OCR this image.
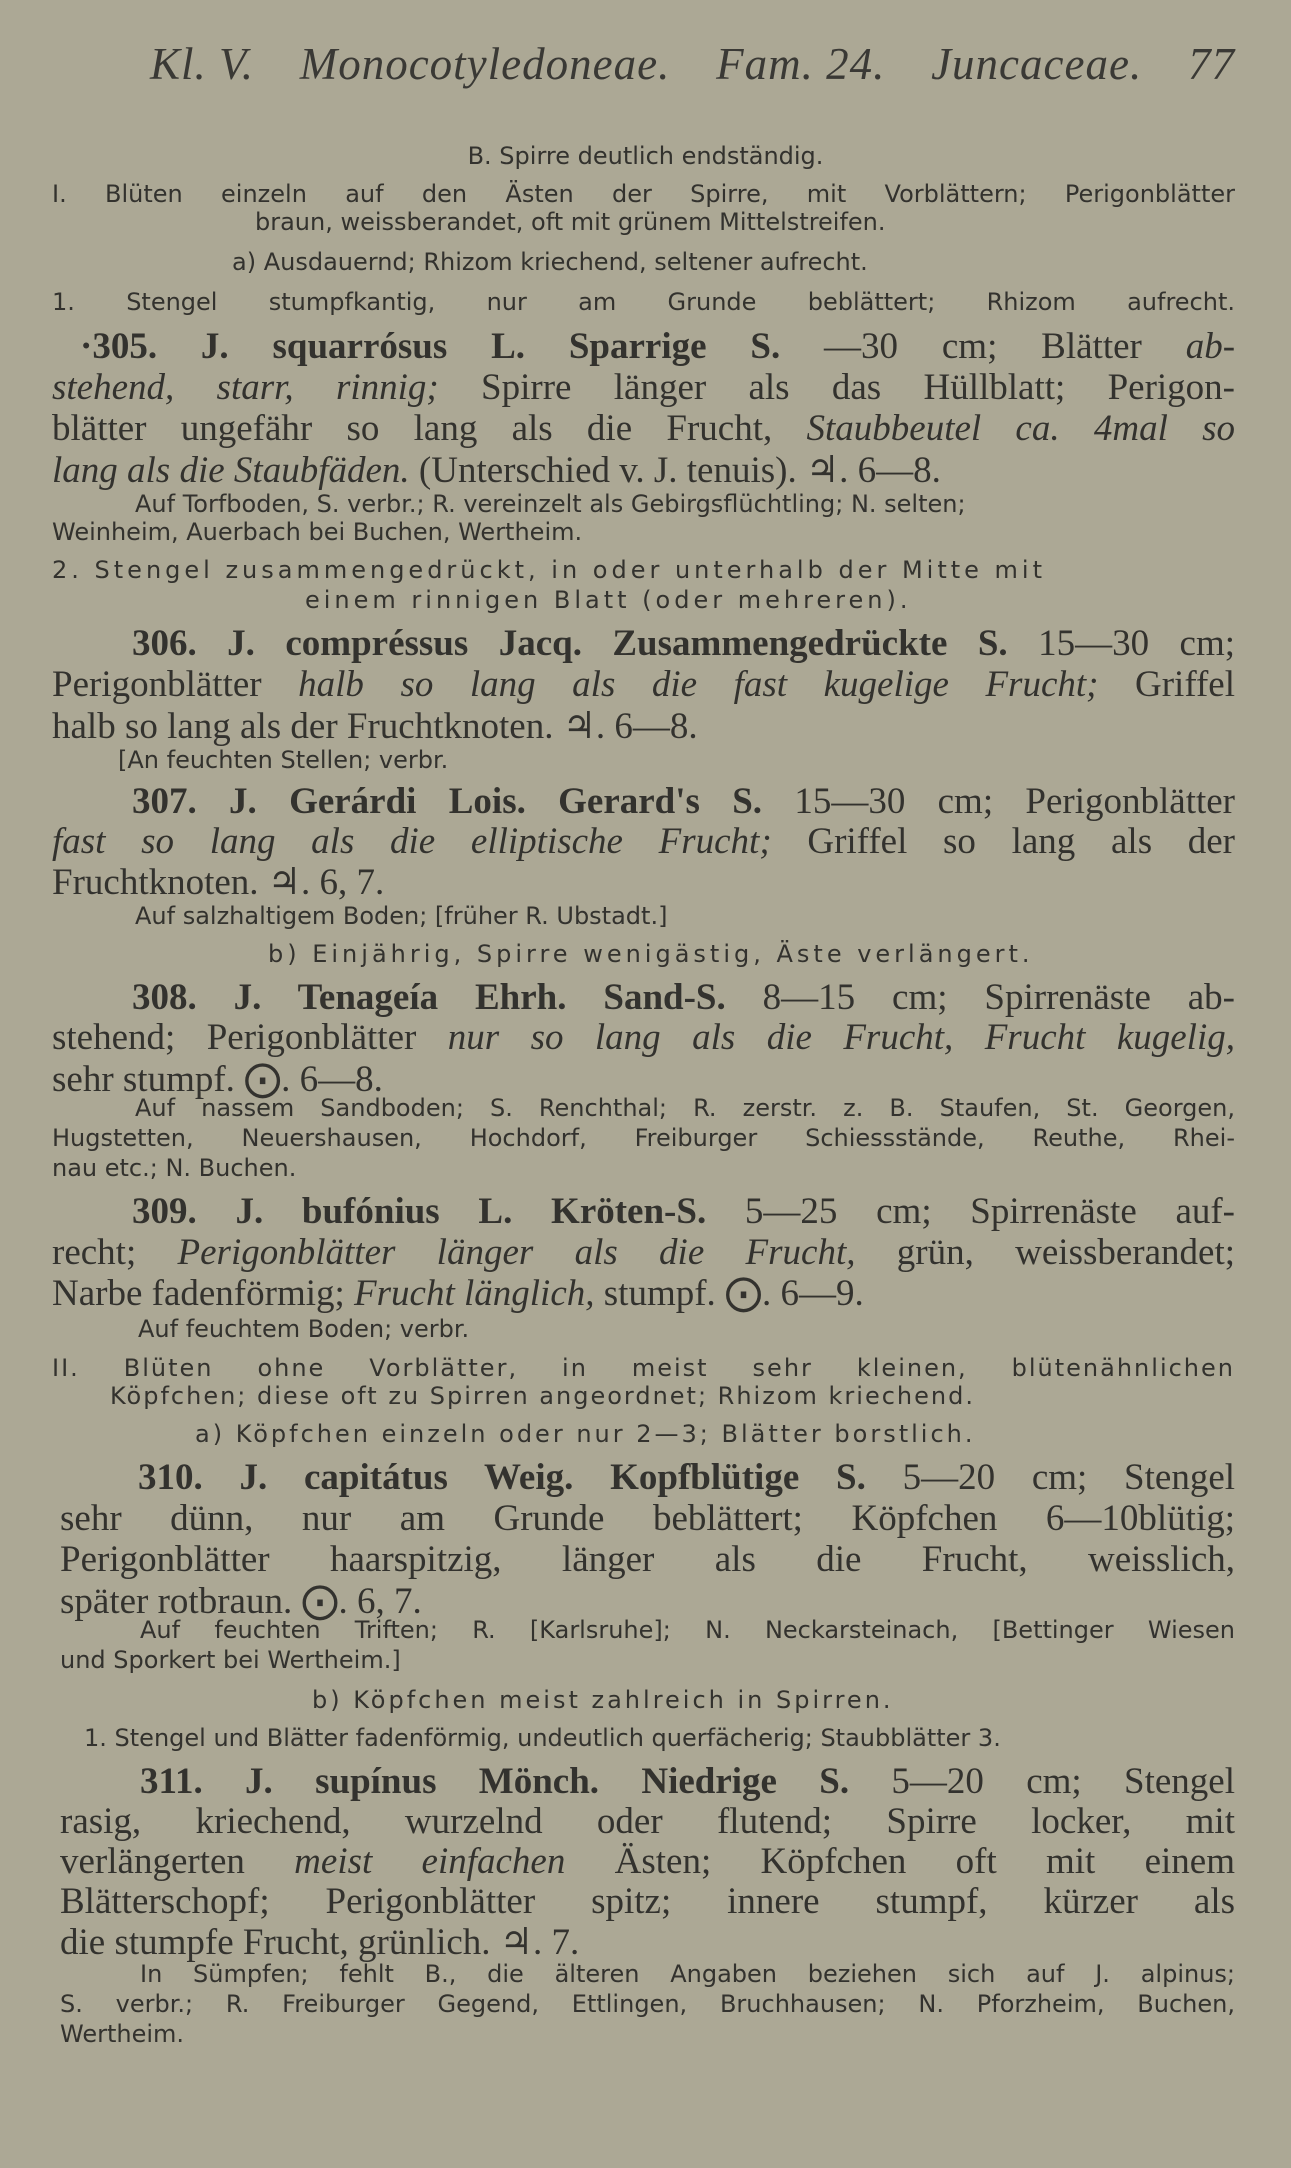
Kl. V. Monocotyledoneae. Fam. 24. Juncaceae. 77
B. Spirre deutlich endständig.
I. Blüten einzeln auf den Ästen der Spirre, mit Vorblättern; Perigonblätter
braun, weissberandet, oft mit grünem Mittelstreifen.
a) Ausdauernd; Rhizom kriechend, seltener aufrecht.
1. Stengel stumpfkantig, nur am Grunde beblättert; Rhizom aufrecht.
·305. J. squarrósus L. Sparrige S. —30 cm; Blätter ab-
stehend, starr, rinnig; Spirre länger als das Hüllblatt; Perigon-
blätter ungefähr so lang als die Frucht, Staubbeutel ca. 4mal so
lang als die Staubfäden. (Unterschied v. J. tenuis). ♃. 6—8.
Auf Torfboden, S. verbr.; R. vereinzelt als Gebirgsflüchtling; N. selten;
Weinheim, Auerbach bei Buchen, Wertheim.
2. Stengel zusammengedrückt, in oder unterhalb der Mitte mit
einem rinnigen Blatt (oder mehreren).
306. J. compréssus Jacq. Zusammengedrückte S. 15—30 cm;
Perigonblätter halb so lang als die fast kugelige Frucht; Griffel
halb so lang als der Fruchtknoten. ♃. 6—8.
[An feuchten Stellen; verbr.
307. J. Gerárdi Lois. Gerard's S. 15—30 cm; Perigonblätter
fast so lang als die elliptische Frucht; Griffel so lang als der
Fruchtknoten. ♃. 6, 7.
Auf salzhaltigem Boden; [früher R. Ubstadt.]
b) Einjährig, Spirre wenigästig, Äste verlängert.
308. J. Tenageía Ehrh. Sand-S. 8—15 cm; Spirrenäste ab-
stehend; Perigonblätter nur so lang als die Frucht, Frucht kugelig,
sehr stumpf. ⨀. 6—8.
Auf nassem Sandboden; S. Renchthal; R. zerstr. z. B. Staufen, St. Georgen,
Hugstetten, Neuershausen, Hochdorf, Freiburger Schiessstände, Reuthe, Rhei-
nau etc.; N. Buchen.
309. J. bufónius L. Kröten-S. 5—25 cm; Spirrenäste auf-
recht; Perigonblätter länger als die Frucht, grün, weissberandet;
Narbe fadenförmig; Frucht länglich, stumpf. ⨀. 6—9.
Auf feuchtem Boden; verbr.
II. Blüten ohne Vorblätter, in meist sehr kleinen, blütenähnlichen
Köpfchen; diese oft zu Spirren angeordnet; Rhizom kriechend.
a) Köpfchen einzeln oder nur 2—3; Blätter borstlich.
310. J. capitátus Weig. Kopfblütige S. 5—20 cm; Stengel
sehr dünn, nur am Grunde beblättert; Köpfchen 6—10blütig;
Perigonblätter haarspitzig, länger als die Frucht, weisslich,
später rotbraun. ⨀. 6, 7.
Auf feuchten Triften; R. [Karlsruhe]; N. Neckarsteinach, [Bettinger Wiesen
und Sporkert bei Wertheim.]
b) Köpfchen meist zahlreich in Spirren.
1. Stengel und Blätter fadenförmig, undeutlich querfächerig; Staubblätter 3.
311. J. supínus Mönch. Niedrige S. 5—20 cm; Stengel
rasig, kriechend, wurzelnd oder flutend; Spirre locker, mit
verlängerten meist einfachen Ästen; Köpfchen oft mit einem
Blätterschopf; Perigonblätter spitz; innere stumpf, kürzer als
die stumpfe Frucht, grünlich. ♃. 7.
In Sümpfen; fehlt B., die älteren Angaben beziehen sich auf J. alpinus;
S. verbr.; R. Freiburger Gegend, Ettlingen, Bruchhausen; N. Pforzheim, Buchen,
Wertheim.
